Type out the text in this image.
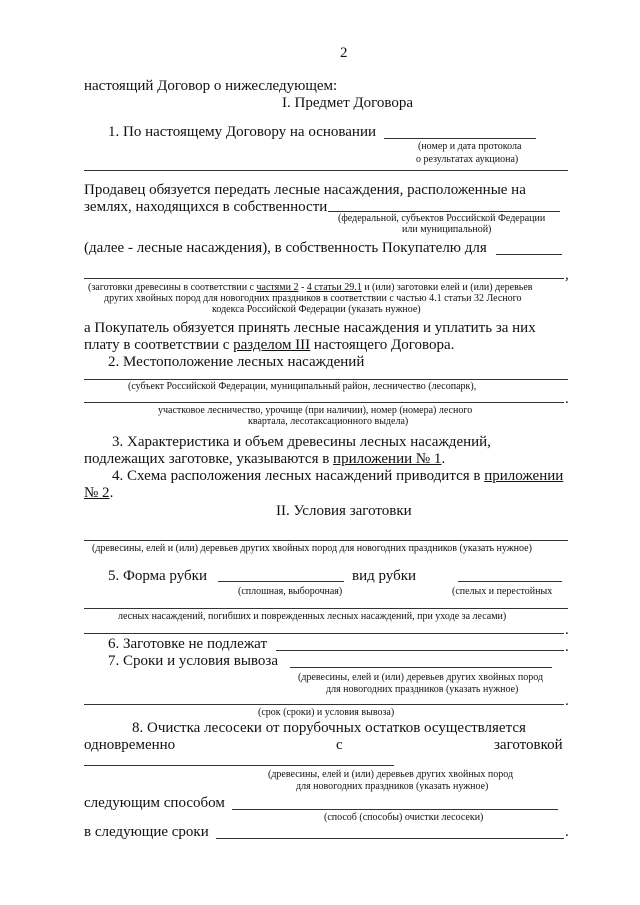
2
настоящий Договор о нижеследующем:
I. Предмет Договора
1. По настоящему Договору на основании
(номер и дата протокола
о результатах аукциона)
Продавец обязуется передать лесные насаждения, расположенные на
землях, находящихся в собственности
(федеральной, субъектов Российской Федерации
или муниципальной)
(далее - лесные насаждения), в собственность Покупателю для
,
(заготовки древесины в соответствии с частями 2 - 4 статьи 29.1 и (или) заготовки елей и (или) деревьев
других хвойных пород для новогодних праздников в соответствии с частью 4.1 статьи 32 Лесного
кодекса Российской Федерации (указать нужное)
а Покупатель обязуется принять лесные насаждения и уплатить за них
плату в соответствии с разделом III настоящего Договора.
2. Местоположение лесных насаждений
(субъект Российской Федерации, муниципальный район, лесничество (лесопарк),
.
участковое лесничество, урочище (при наличии), номер (номера) лесного
квартала, лесотаксационного выдела)
3. Характеристика и объем древесины лесных насаждений,
подлежащих заготовке, указываются в приложении № 1.
4. Схема расположения лесных насаждений приводится в приложении
№ 2.
II. Условия заготовки
(древесины, елей и (или) деревьев других хвойных пород для новогодних праздников (указать нужное)
5. Форма рубки	вид рубки
(сплошная, выборочная)	(спелых и перестойных
лесных насаждений, погибших и поврежденных лесных насаждений, при уходе за лесами)
.
6. Заготовке не подлежат	.
7. Сроки и условия вывоза
(древесины, елей и (или) деревьев других хвойных пород
для новогодних праздников (указать нужное)
.
(срок (сроки) и условия вывоза)
8. Очистка лесосеки от порубочных остатков осуществляется
одновременно	с	заготовкой
(древесины, елей и (или) деревьев других хвойных пород
для новогодних праздников (указать нужное)
следующим способом
(способ (способы) очистки лесосеки)
в следующие сроки	.
